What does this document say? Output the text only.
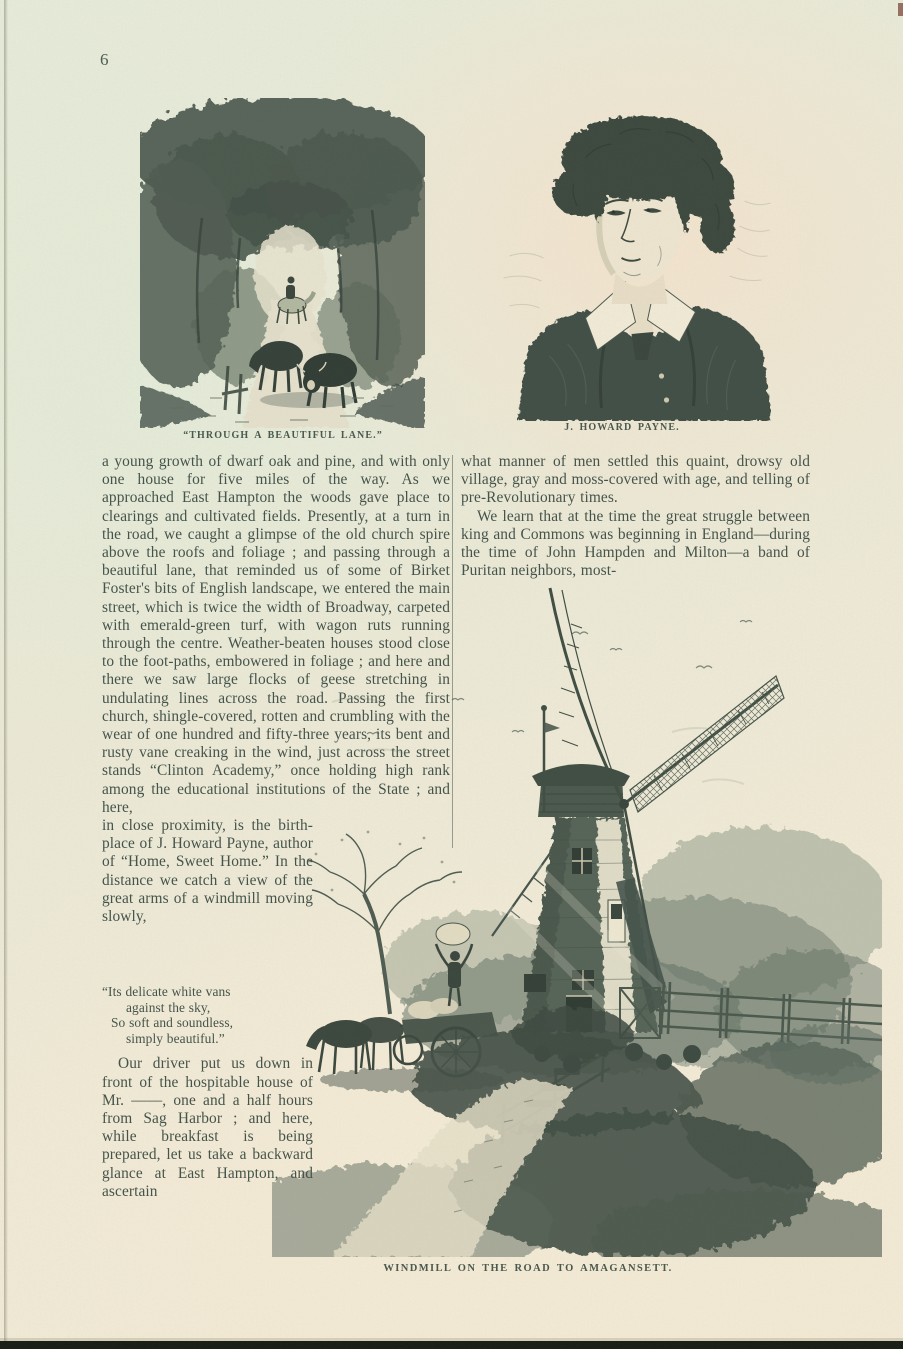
6
“THROUGH A BEAUTIFUL LANE.”
J. HOWARD PAYNE.

a young growth of dwarf oak and pine, and with only one house for five miles of the way. As we approached East Hampton the woods gave place to clearings and cultivated fields. Presently, at a turn in the road, we caught a glimpse of the old church spire above the roofs and foliage ; and passing through a beautiful lane, that reminded us of some of Birket Foster's bits of English landscape, we entered the main street, which is twice the width of Broadway, carpeted with emerald-green turf, with wagon ruts running through the centre. Weather-beaten houses stood close to the foot-paths, embowered in foliage ; and here and there we saw large flocks of geese stretching in undulating lines across the road. Passing the first church, shingle-covered, rotten and crumbling with the wear of one hundred and fifty-three years, its bent and rusty vane creaking in the wind, just across the street stands “Clinton Academy,” once holding high rank among the educational institutions of the State ; and here,

in close proximity, is the birth-place of J. Howard Payne, author of “Home, Sweet Home.” In the distance we catch a view of the great arms of a windmill moving slowly,

“Its delicate white vans
against the sky,
So soft and soundless,
simply beautiful.”

Our driver put us down in front of the hospitable house of Mr. ——, one and a half hours from Sag Harbor ; and here, while breakfast is being prepared, let us take a backward glance at East Hampton, and ascertain

what manner of men settled this quaint, drowsy old village, gray and moss-covered with age, and telling of pre-Revolutionary times.

We learn that at the time the great struggle between king and Commons was beginning in England—during the time of John Hampden and Milton—a band of Puritan neighbors, most-

WINDMILL ON THE ROAD TO AMAGANSETT.
